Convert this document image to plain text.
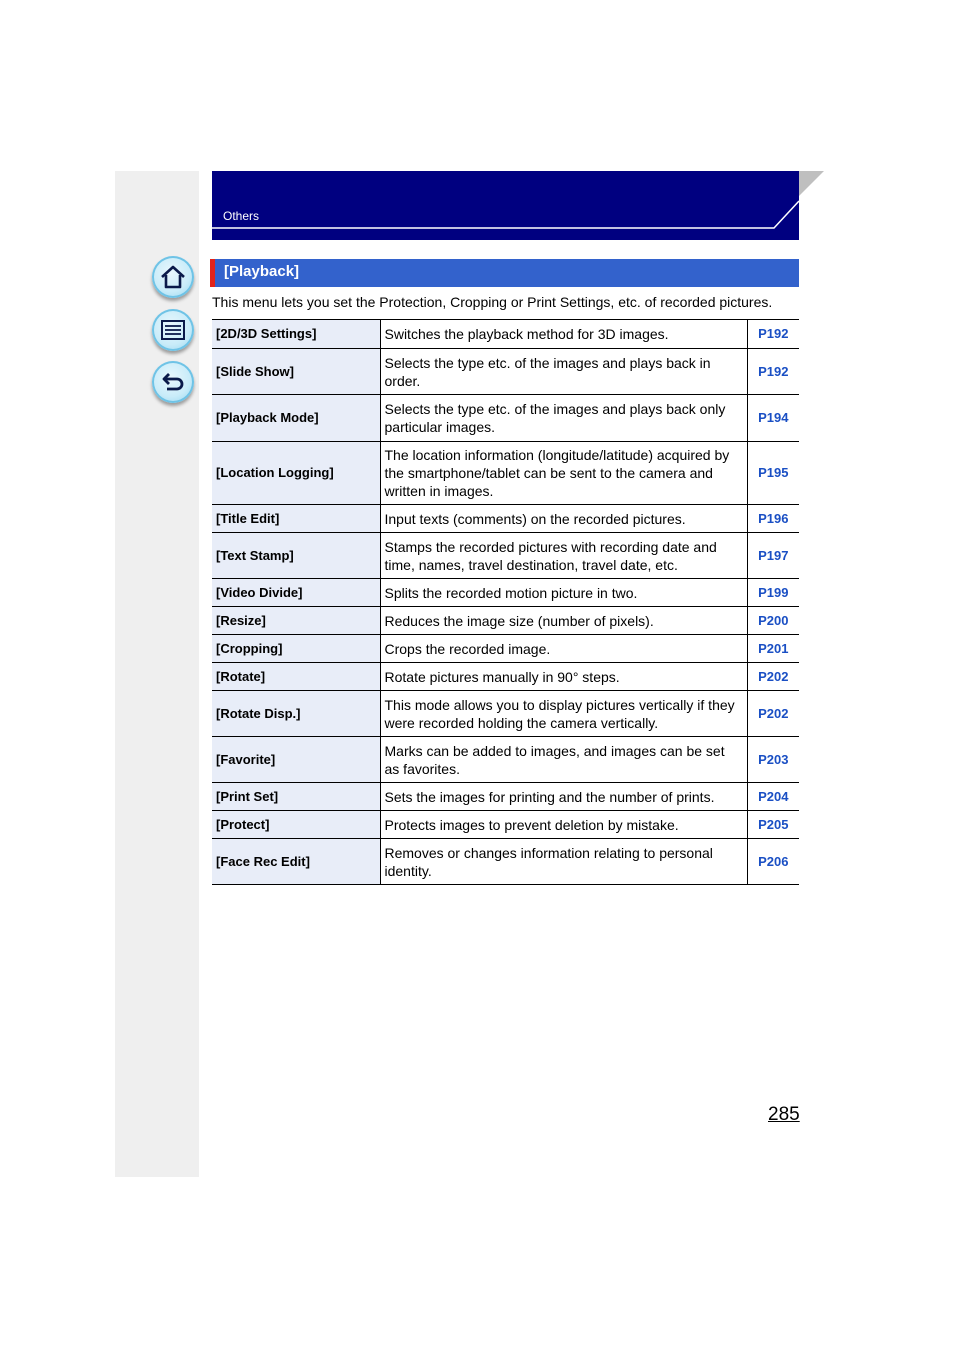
Others
[Playback]
This menu lets you set the Protection, Cropping or Print Settings, etc. of recorded pictures.
[2D/3D Settings]	Switches the playback method for 3D images.	P192
[Slide Show]	Selects the type etc. of the images and plays back in order.	P192
[Playback Mode]	Selects the type etc. of the images and plays back only particular images.	P194
[Location Logging]	The location information (longitude/latitude) acquired by the smartphone/tablet can be sent to the camera and written in images.	P195
[Title Edit]	Input texts (comments) on the recorded pictures.	P196
[Text Stamp]	Stamps the recorded pictures with recording date and time, names, travel destination, travel date, etc.	P197
[Video Divide]	Splits the recorded motion picture in two.	P199
[Resize]	Reduces the image size (number of pixels).	P200
[Cropping]	Crops the recorded image.	P201
[Rotate]	Rotate pictures manually in 90° steps.	P202
[Rotate Disp.]	This mode allows you to display pictures vertically if they were recorded holding the camera vertically.	P202
[Favorite]	Marks can be added to images, and images can be set as favorites.	P203
[Print Set]	Sets the images for printing and the number of prints.	P204
[Protect]	Protects images to prevent deletion by mistake.	P205
[Face Rec Edit]	Removes or changes information relating to personal identity.	P206
285
